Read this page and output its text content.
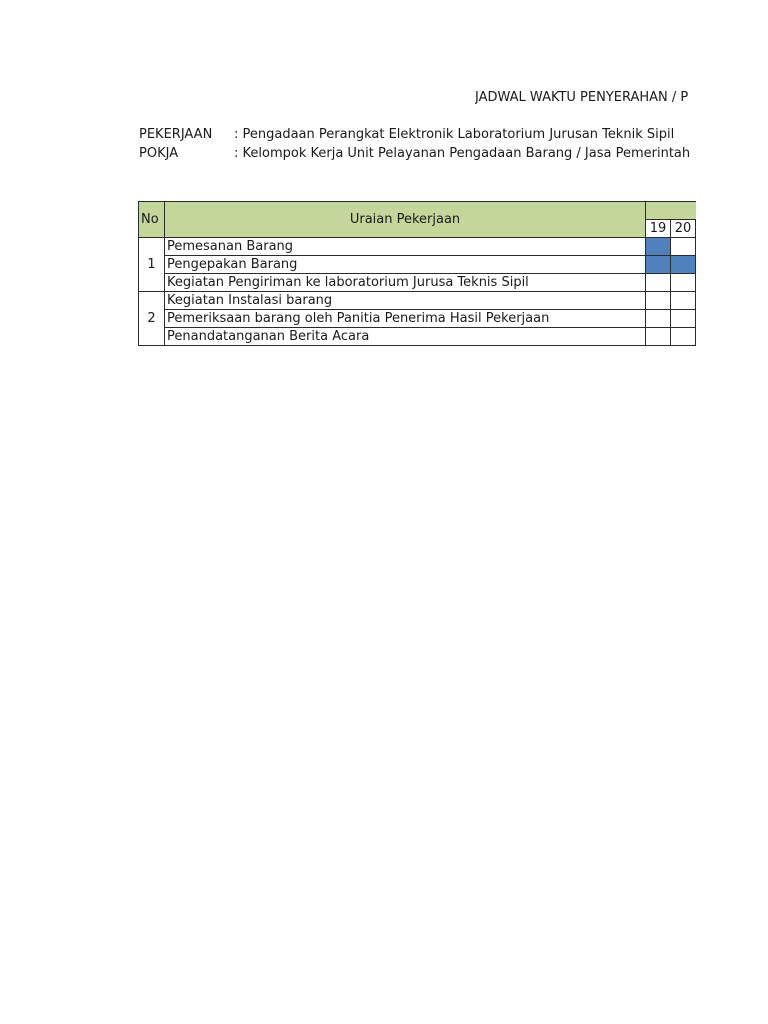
JADWAL WAKTU PENYERAHAN / P
PEKERJAAN : Pengadaan Perangkat Elektronik Laboratorium Jurusan Teknik Sipil
POKJA	: Kelompok Kerja Unit Pelayanan Pengadaan Barang / Jasa Pemerintah
No	Uraian Pekerjaan			
		19	20	
1	Pemesanan Barang			
	Pengepakan Barang			
	Kegiatan Pengiriman ke laboratorium Jurusa Teknis Sipil			
2	Kegiatan Instalasi barang			
	Pemeriksaan barang oleh Panitia Penerima Hasil Pekerjaan			
	Penandatanganan Berita Acara			
